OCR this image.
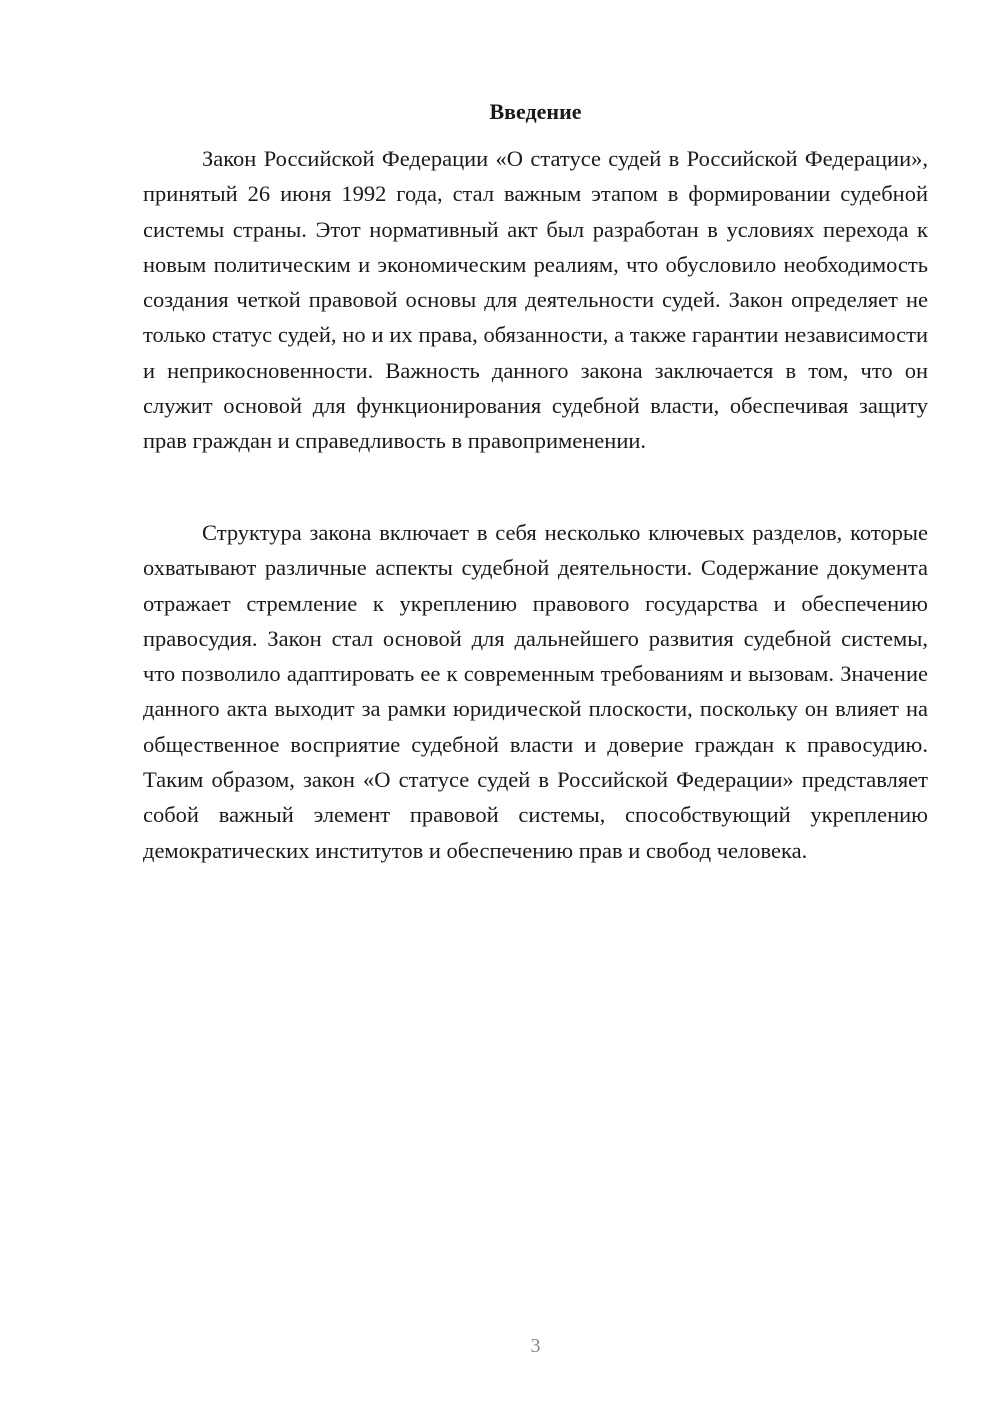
Введение

Закон Российской Федерации «О статусе судей в Российской Федерации», принятый 26 июня 1992 года, стал важным этапом в формировании судебной системы страны. Этот нормативный акт был разработан в условиях перехода к новым политическим и экономическим реалиям, что обусловило необходимость создания четкой правовой основы для деятельности судей. Закон определяет не только статус судей, но и их права, обязанности, а также гарантии независимости и неприкосновенности. Важность данного закона заключается в том, что он служит основой для функционирования судебной власти, обеспечивая защиту прав граждан и справедливость в правоприменении.

Структура закона включает в себя несколько ключевых разделов, которые охватывают различные аспекты судебной деятельности. Содержание документа отражает стремление к укреплению правового государства и обеспечению правосудия. Закон стал основой для дальнейшего развития судебной системы, что позволило адаптировать ее к современным требованиям и вызовам. Значение данного акта выходит за рамки юридической плоскости, поскольку он влияет на общественное восприятие судебной власти и доверие граждан к правосудию. Таким образом, закон «О статусе судей в Российской Федерации» представляет собой важный элемент правовой системы, способствующий укреплению демократических институтов и обеспечению прав и свобод человека.

3
